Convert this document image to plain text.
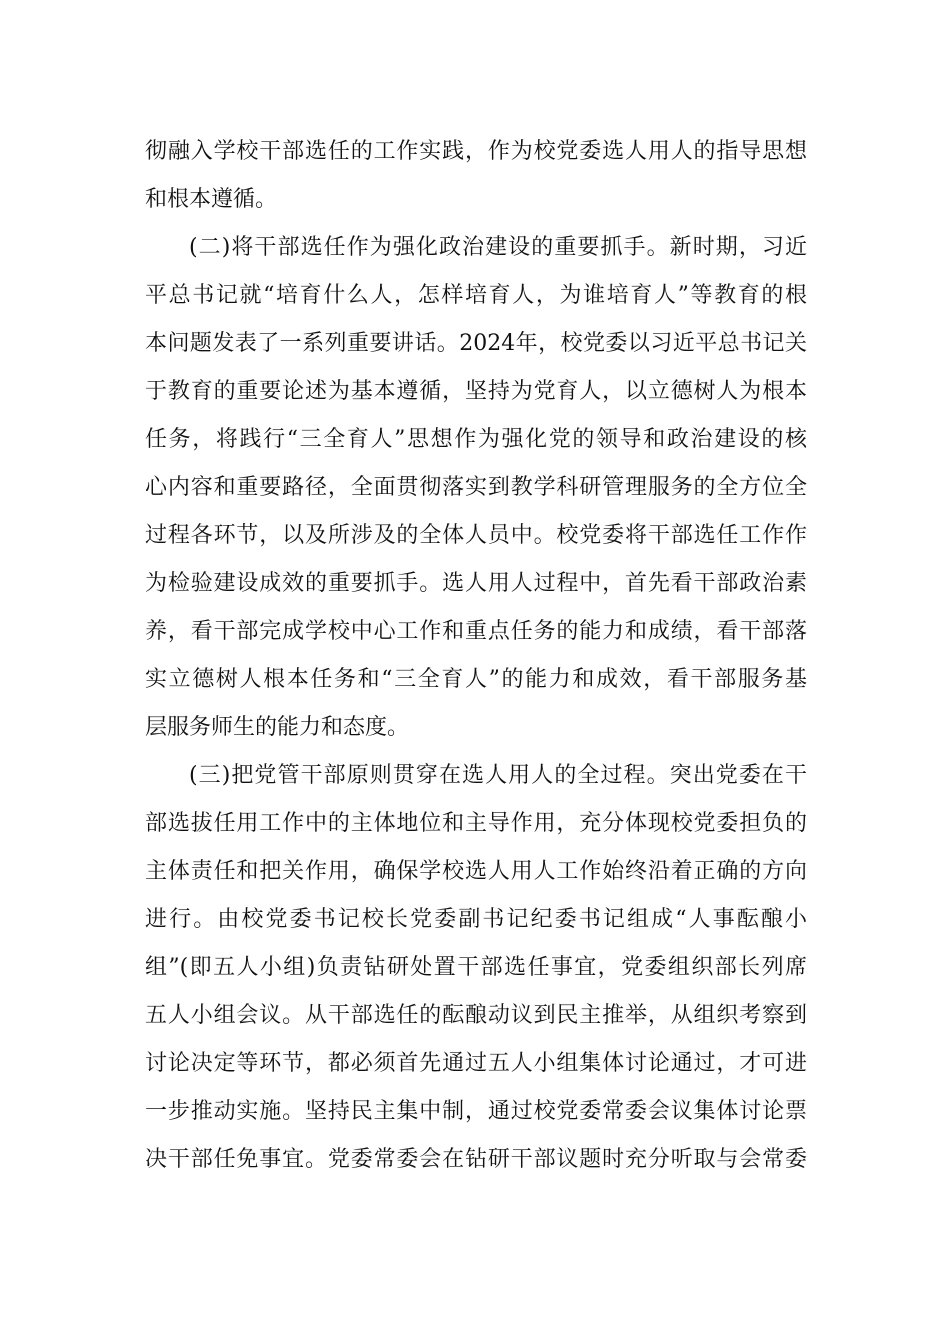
彻融入学校干部选任的工作实践，作为校党委选人用人的指导思想
和根本遵循。
(二)将干部选任作为强化政治建设的重要抓手。新时期，习近
平总书记就“培育什么人，怎样培育人，为谁培育人”等教育的根
本问题发表了一系列重要讲话。2024年，校党委以习近平总书记关
于教育的重要论述为基本遵循，坚持为党育人，以立德树人为根本
任务，将践行“三全育人”思想作为强化党的领导和政治建设的核
心内容和重要路径，全面贯彻落实到教学科研管理服务的全方位全
过程各环节，以及所涉及的全体人员中。校党委将干部选任工作作
为检验建设成效的重要抓手。选人用人过程中，首先看干部政治素
养，看干部完成学校中心工作和重点任务的能力和成绩，看干部落
实立德树人根本任务和“三全育人”的能力和成效，看干部服务基
层服务师生的能力和态度。
(三)把党管干部原则贯穿在选人用人的全过程。突出党委在干
部选拔任用工作中的主体地位和主导作用，充分体现校党委担负的
主体责任和把关作用，确保学校选人用人工作始终沿着正确的方向
进行。由校党委书记校长党委副书记纪委书记组成“人事酝酿小
组”(即五人小组)负责钻研处置干部选任事宜，党委组织部长列席
五人小组会议。从干部选任的酝酿动议到民主推举，从组织考察到
讨论决定等环节，都必须首先通过五人小组集体讨论通过，才可进
一步推动实施。坚持民主集中制，通过校党委常委会议集体讨论票
决干部任免事宜。党委常委会在钻研干部议题时充分听取与会常委
